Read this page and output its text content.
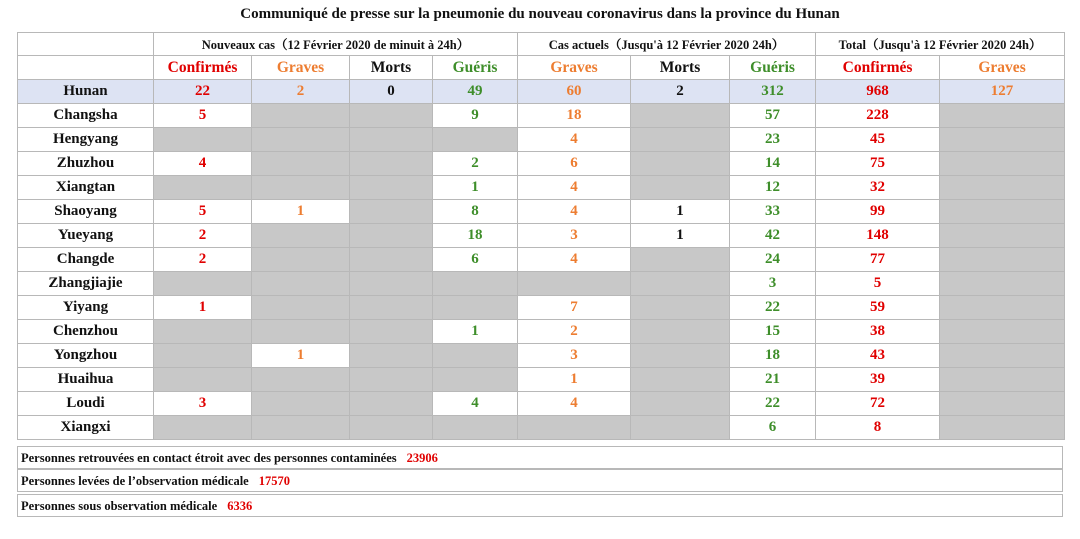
Communiqué de presse sur la pneumonie du nouveau coronavirus dans la province du Hunan
	Nouveaux cas（12 Février 2020 de minuit à 24h）				Cas actuels（Jusqu'à 12 Février 2020 24h）			Total（Jusqu'à 12 Février 2020 24h）	
	Confirmés	Graves	Morts	Guéris	Graves	Morts	Guéris	Confirmés	Graves
Hunan	22	2	0	49	60	2	312	968	127
Changsha	5			9	18		57	228	
Hengyang					4		23	45	
Zhuzhou	4			2	6		14	75	
Xiangtan				1	4		12	32	
Shaoyang	5	1		8	4	1	33	99	
Yueyang	2			18	3	1	42	148	
Changde	2			6	4		24	77	
Zhangjiajie							3	5	
Yiyang	1				7		22	59	
Chenzhou				1	2		15	38	
Yongzhou		1			3		18	43	
Huaihua					1		21	39	
Loudi	3			4	4		22	72	
Xiangxi							6	8	
Personnes retrouvées en contact étroit avec des personnes contaminées 23906
Personnes levées de l’observation médicale 17570
Personnes sous observation médicale 6336
